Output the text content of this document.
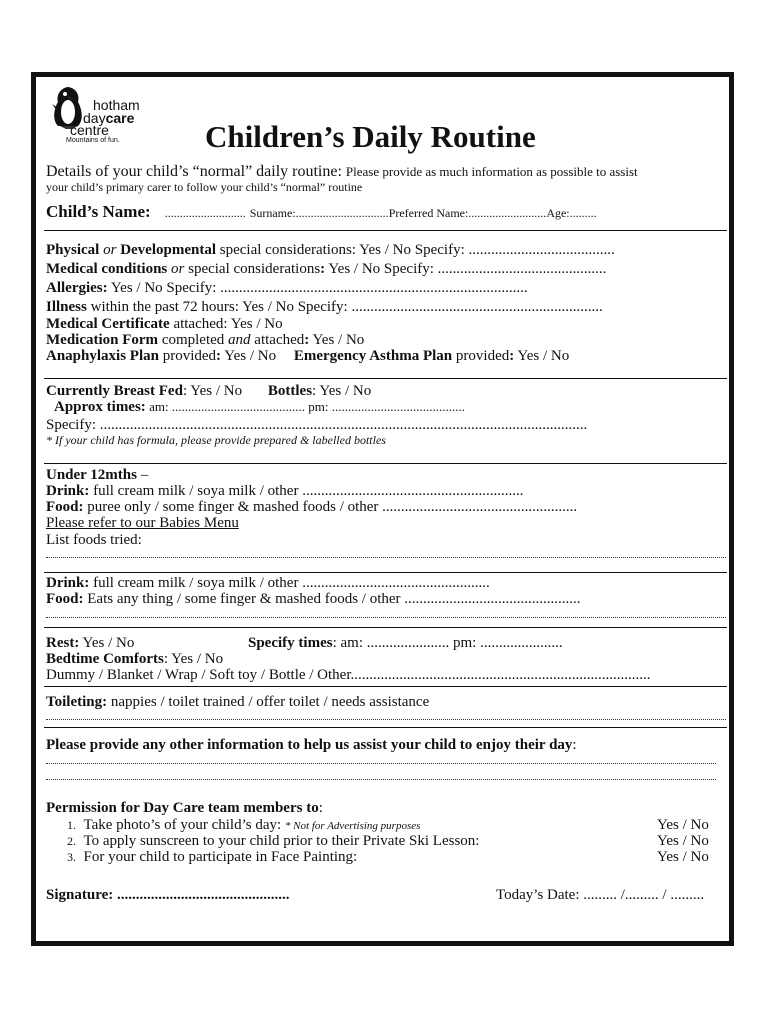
hotham
daycare
centre
Mountains of fun.	Children’s Daily Routine
Details of your child’s “normal” daily routine: Please provide as much information as possible to assist
your child’s primary carer to follow your child’s “normal” routine
Child’s Name: ........................... Surname:...............................Preferred Name:..........................Age:.........
Physical or Developmental special considerations: Yes / No Specify: .......................................
Medical conditions or special considerations: Yes / No Specify: .............................................
Allergies: Yes / No Specify: ..................................................................................
Illness within the past 72 hours: Yes / No Specify: ...................................................................
Medical Certificate attached: Yes / No
Medication Form completed and attached: Yes / No
Anaphylaxis Plan provided: Yes / No Emergency Asthma Plan provided: Yes / No
Currently Breast Fed: Yes / No Bottles: Yes / No
Approx times: am: ......................................... pm: .........................................
Specify: ..................................................................................................................................
* If your child has formula, please provide prepared & labelled bottles
Under 12mths –
Drink: full cream milk / soya milk / other ...........................................................
Food: puree only / some finger & mashed foods / other ....................................................
Please refer to our Babies Menu
List foods tried:
Drink: full cream milk / soya milk / other ..................................................
Food: Eats any thing / some finger & mashed foods / other ...............................................
Rest: Yes / No	Specify times: am: ...................... pm: ......................
Bedtime Comforts: Yes / No
Dummy / Blanket / Wrap / Soft toy / Bottle / Other................................................................................
Toileting: nappies / toilet trained / offer toilet / needs assistance
Please provide any other information to help us assist your child to enjoy their day:
Permission for Day Care team members to:
1. Take photo’s of your child’s day: * Not for Advertising purposes	Yes / No
2. To apply sunscreen to your child prior to their Private Ski Lesson:	Yes / No
3. For your child to participate in Face Painting:	Yes / No
Signature: ..............................................	Today’s Date: ......... /......... / .........
